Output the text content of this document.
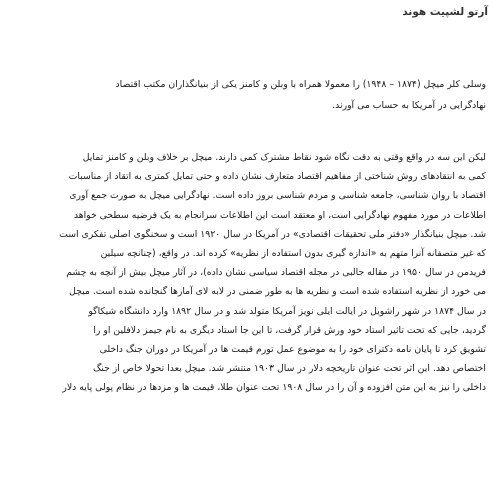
آرتو لشپیت هوند
وسلی کلر میچل (۱۸۷۴ – ۱۹۴۸) را معمولا همراه با وبلن و کامنز یکی از بنیانگذاران مکتب اقتصاد
نهادگرایی در آمریکا به حساب می آورند.
لیکن این سه در واقع وقتی به دقت نگاه شود نقاط مشترک کمی دارند. میچل بر خلاف وبلن و کامنز تمایل
کمی به انتقادهای روش شناختی از مفاهیم اقتصاد متعارف نشان داده و حتی تمایل کمتری به اتقاد از مناسبات
اقتصاد با روان شناسی، جامعه شناسی و مردم شناسی بروز داده است. نهادگرایی میچل به صورت جمع آوری
اطلاعات در مورد مفهوم نهادگرایی است، او معتقد است این اطلاعات سرانجام به یک فرضیه سطحی خواهد
شد. میچل بنیانگذار «دفتر ملی تحقیقات اقتصادی» در آمریکا در سال ۱۹۲۰ است و سخنگوی اصلی تفکری است
که غیر متصفانه آنرا متهم به «اندازه گیری بدون استفاده از نظریه» کرده اند. در واقع، (چنانچه سیلین
فریدمن در سال ۱۹۵۰ در مقاله جالبی در مجله اقتصاد سیاسی نشان داده)، در آثار میچل بیش از آنچه به چشم
می خورد از نظریه استفاده شده است و نظریه ها به طور ضمنی در لابه لای آمارها گنجانده شده است. میچل
در سال ۱۸۷۴ در شهر راشویل در ایالت ایلی نویز آمریکا متولد شد و در سال ۱۸۹۲ وارد دانشگاه شیکاگو
گردید، جایی که تحت تاثیر استاد خود ورش قرار گرفت، تا این جا استاد دیگری به نام جیمز دلافلین او را
تشویق کرد تا پایان نامه دکترای خود را به موضوع عمل تورم قیمت ها در آمریکا در دوران جنگ داخلی
اختصاص دهد. این اثر تحت عنوان تاریخچه دلار در سال ۱۹۰۳ منتشر شد. میچل بعدا تحولا خاص از جنگ
داخلی را نیز به این متن افزوده و آن را در سال ۱۹۰۸ تحت عنوان طلا، قیمت ها و مزدها در نظام پولی پایه دلار
